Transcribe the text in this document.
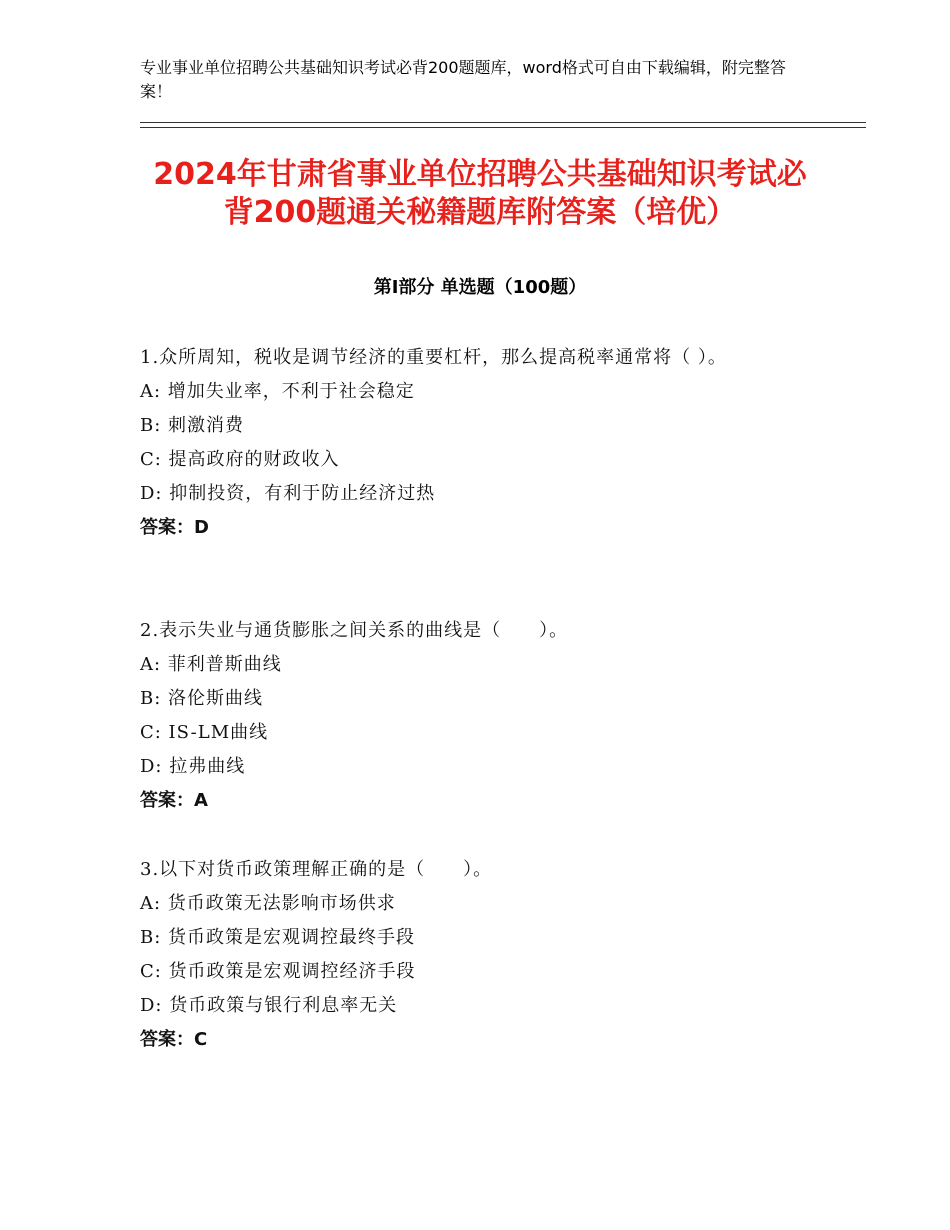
专业事业单位招聘公共基础知识考试必背200题题库，word格式可自由下载编辑，附完整答案！
2024年甘肃省事业单位招聘公共基础知识考试必背200题通关秘籍题库附答案（培优）
第Ⅰ部分 单选题（100题）

1.众所周知，税收是调节经济的重要杠杆，那么提高税率通常将（ ）。

A: 增加失业率，不利于社会稳定

B: 刺激消费

C: 提高政府的财政收入

D: 抑制投资，有利于防止经济过热

答案：D

2.表示失业与通货膨胀之间关系的曲线是（　　）。

A: 菲利普斯曲线

B: 洛伦斯曲线

C: IS-LM曲线

D: 拉弗曲线

答案：A

3.以下对货币政策理解正确的是（　　）。

A: 货币政策无法影响市场供求

B: 货币政策是宏观调控最终手段

C: 货币政策是宏观调控经济手段

D: 货币政策与银行利息率无关

答案：C
